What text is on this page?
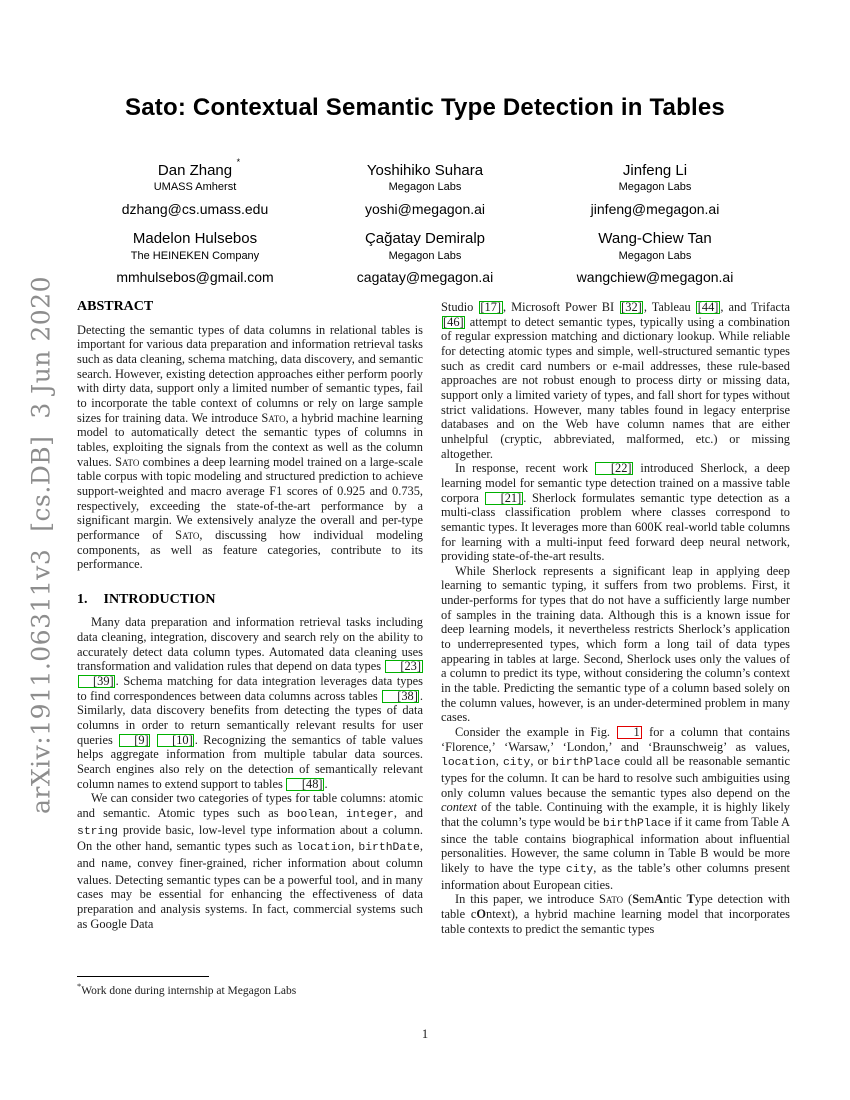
arXiv:1911.06311v3  [cs.DB]  3 Jun 2020
Sato: Contextual Semantic Type Detection in Tables
Dan Zhang *
UMASS Amherst
dzhang@cs.umass.edu
Yoshihiko Suhara
Megagon Labs
yoshi@megagon.ai
Jinfeng Li
Megagon Labs
jinfeng@megagon.ai
Madelon Hulsebos
The HEINEKEN Company
mmhulsebos@gmail.com
Çağatay Demiralp
Megagon Labs
cagatay@megagon.ai
Wang-Chiew Tan
Megagon Labs
wangchiew@megagon.ai
ABSTRACT

Detecting the semantic types of data columns in relational tables is important for various data preparation and information retrieval tasks such as data cleaning, schema matching, data discovery, and semantic search. However, existing detection approaches either perform poorly with dirty data, support only a limited number of semantic types, fail to incorporate the table context of columns or rely on large sample sizes for training data. We introduce Sato, a hybrid machine learning model to automatically detect the semantic types of columns in tables, exploiting the signals from the context as well as the column values. Sato combines a deep learning model trained on a large-scale table corpus with topic modeling and structured prediction to achieve support-weighted and macro average F1 scores of 0.925 and 0.735, respectively, exceeding the state-of-the-art performance by a significant margin. We extensively analyze the overall and per-type performance of Sato, discussing how individual modeling components, as well as feature categories, contribute to its performance.

1. INTRODUCTION

Many data preparation and information retrieval tasks including data cleaning, integration, discovery and search rely on the ability to accurately detect data column types. Automated data cleaning uses transformation and validation rules that depend on data types [23] [39] . Schema matching for data integration leverages data types to find correspondences between data columns across tables [38] . Similarly, data discovery benefits from detecting the types of data columns in order to return semantically relevant results for user queries [9] [10] . Recognizing the semantics of table values helps aggregate information from multiple tabular data sources. Search engines also rely on the detection of semantically relevant column names to extend support to tables [48] .

We can consider two categories of types for table columns: atomic and semantic. Atomic types such as boolean, integer, and string provide basic, low-level type information about a column. On the other hand, semantic types such as location, birthDate, and name, convey finer-grained, richer information about column values. Detecting semantic types can be a powerful tool, and in many cases may be essential for enhancing the effectiveness of data preparation and analysis systems. In fact, commercial systems such as Google Data

Studio [17] , Microsoft Power BI [32] , Tableau [44] , and Trifacta [46] attempt to detect semantic types, typically using a combination of regular expression matching and dictionary lookup. While reliable for detecting atomic types and simple, well-structured semantic types such as credit card numbers or e-mail addresses, these rule-based approaches are not robust enough to process dirty or missing data, support only a limited variety of types, and fall short for types without strict validations. However, many tables found in legacy enterprise databases and on the Web have column names that are either unhelpful (cryptic, abbreviated, malformed, etc.) or missing altogether.

In response, recent work [22] introduced Sherlock, a deep learning model for semantic type detection trained on a massive table corpora [21] . Sherlock formulates semantic type detection as a multi-class classification problem where classes correspond to semantic types. It leverages more than 600K real-world table columns for learning with a multi-input feed forward deep neural network, providing state-of-the-art results.

While Sherlock represents a significant leap in applying deep learning to semantic typing, it suffers from two problems. First, it under-performs for types that do not have a sufficiently large number of samples in the training data. Although this is a known issue for deep learning models, it nevertheless restricts Sherlock’s application to underrepresented types, which form a long tail of data types appearing in tables at large. Second, Sherlock uses only the values of a column to predict its type, without considering the column’s context in the table. Predicting the semantic type of a column based solely on the column values, however, is an under-determined problem in many cases.

Consider the example in Fig. 1 for a column that contains ‘Florence,’ ‘Warsaw,’ ‘London,’ and ‘Braunschweig’ as values, location, city, or birthPlace could all be reasonable semantic types for the column. It can be hard to resolve such ambiguities using only column values because the semantic types also depend on the context of the table. Continuing with the example, it is highly likely that the column’s type would be birthPlace if it came from Table A since the table contains biographical information about influential personalities. However, the same column in Table B would be more likely to have the type city, as the table’s other columns present information about European cities.

In this paper, we introduce Sato (SemAntic Type detection with table cOntext), a hybrid machine learning model that incorporates table contexts to predict the semantic types

*Work done during internship at Megagon Labs
1
